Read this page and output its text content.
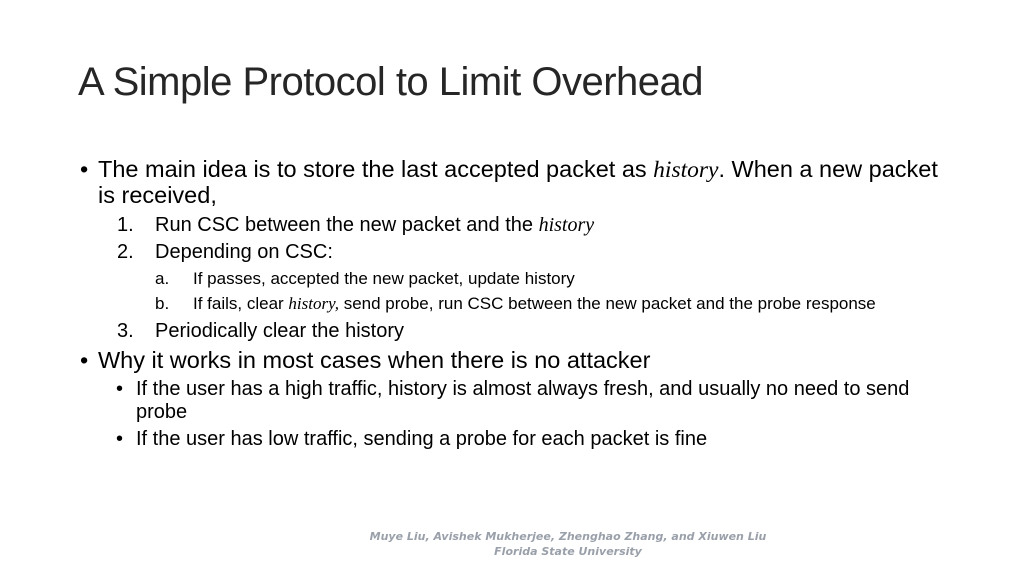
A Simple Protocol to Limit Overhead
• The main idea is to store the last accepted packet as history. When a new packet is received,
1. Run CSC between the new packet and the history
2. Depending on CSC:
a. If passes, accepted the new packet, update history
b. If fails, clear history, send probe, run CSC between the new packet and the probe response
3. Periodically clear the history
• Why it works in most cases when there is no attacker
• If the user has a high traffic, history is almost always fresh, and usually no need to send probe
• If the user has low traffic, sending a probe for each packet is fine
Muye Liu, Avishek Mukherjee, Zhenghao Zhang, and Xiuwen Liu
Florida State University
